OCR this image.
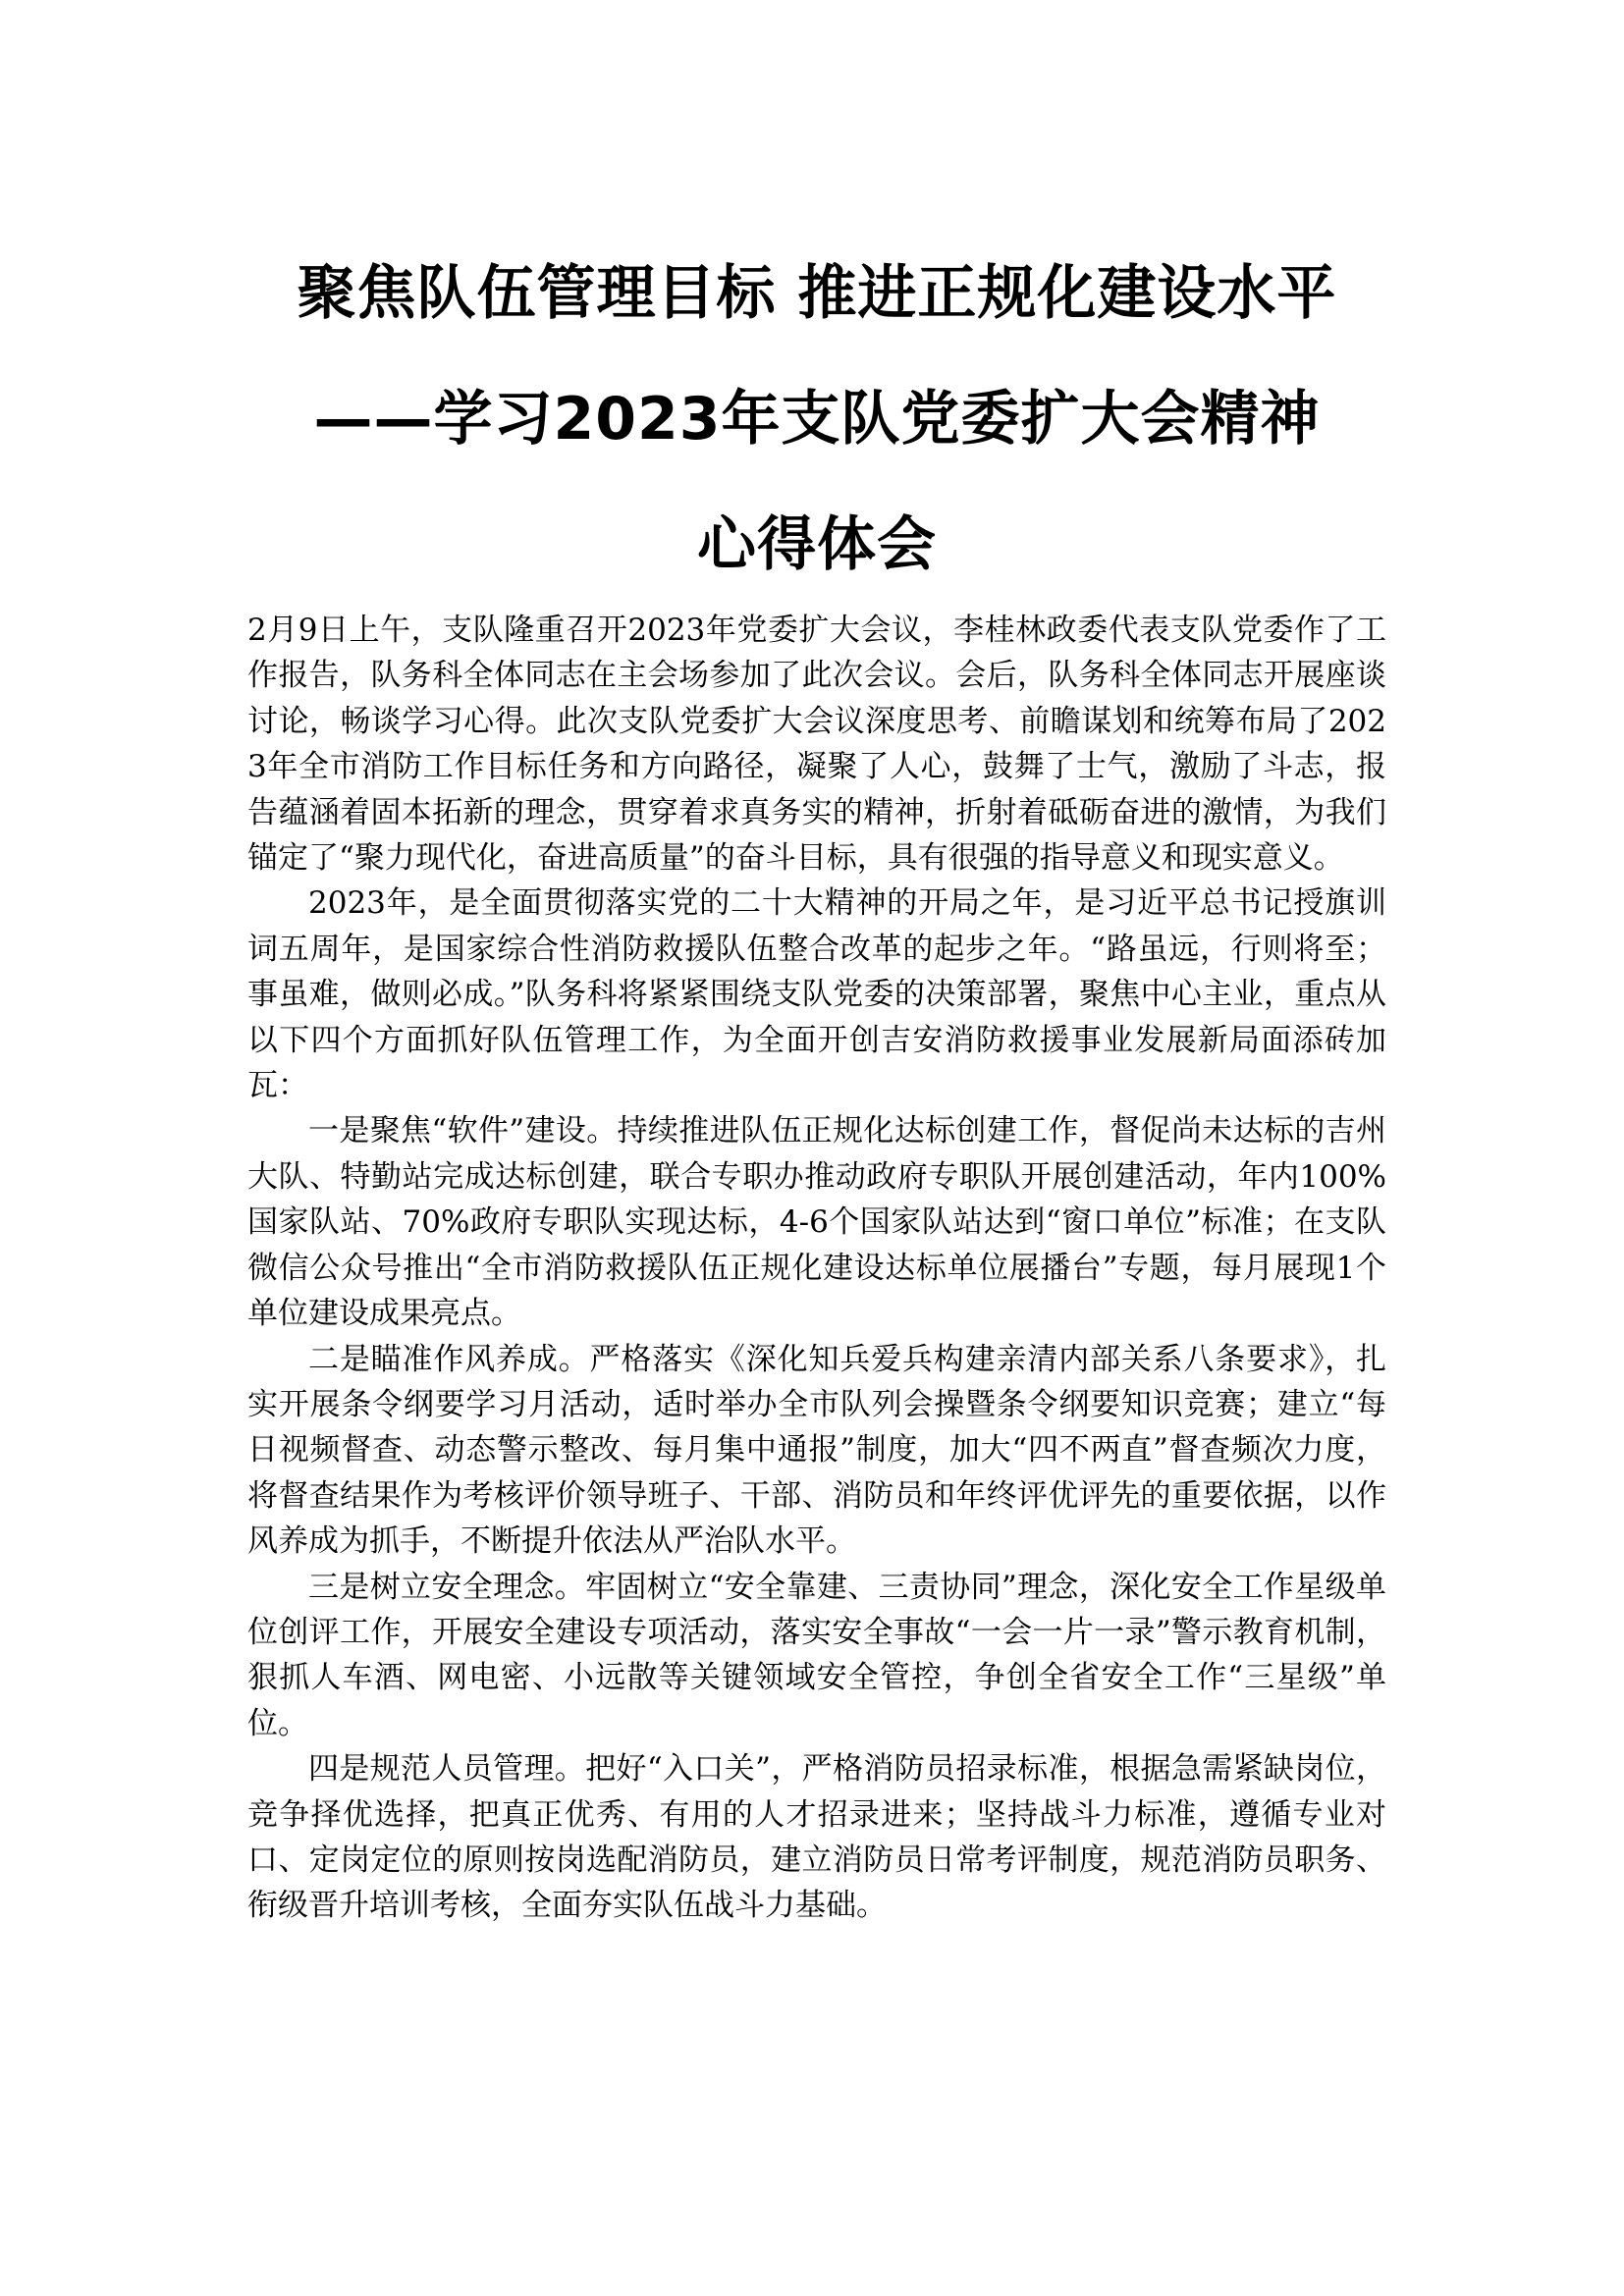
聚焦队伍管理目标 推进正规化建设水平
——学习2023年支队党委扩大会精神
心得体会

2月9日上午，支队隆重召开2023年党委扩大会议，李桂林政委代表支队党委作了工作报告，队务科全体同志在主会场参加了此次会议。会后，队务科全体同志开展座谈讨论，畅谈学习心得。此次支队党委扩大会议深度思考、前瞻谋划和统筹布局了2023年全市消防工作目标任务和方向路径，凝聚了人心，鼓舞了士气，激励了斗志，报告蕴涵着固本拓新的理念，贯穿着求真务实的精神，折射着砥砺奋进的激情，为我们锚定了“聚力现代化，奋进高质量”的奋斗目标，具有很强的指导意义和现实意义。

2023年，是全面贯彻落实党的二十大精神的开局之年，是习近平总书记授旗训词五周年，是国家综合性消防救援队伍整合改革的起步之年。“路虽远，行则将至；事虽难，做则必成。”队务科将紧紧围绕支队党委的决策部署，聚焦中心主业，重点从以下四个方面抓好队伍管理工作，为全面开创吉安消防救援事业发展新局面添砖加瓦：

一是聚焦“软件”建设。持续推进队伍正规化达标创建工作，督促尚未达标的吉州大队、特勤站完成达标创建，联合专职办推动政府专职队开展创建活动，年内100%国家队站、70%政府专职队实现达标，4-6个国家队站达到“窗口单位”标准；在支队微信公众号推出“全市消防救援队伍正规化建设达标单位展播台”专题，每月展现1个单位建设成果亮点。

二是瞄准作风养成。严格落实《深化知兵爱兵构建亲清内部关系八条要求》，扎实开展条令纲要学习月活动，适时举办全市队列会操暨条令纲要知识竞赛；建立“每日视频督查、动态警示整改、每月集中通报”制度，加大“四不两直”督查频次力度，将督查结果作为考核评价领导班子、干部、消防员和年终评优评先的重要依据，以作风养成为抓手，不断提升依法从严治队水平。

三是树立安全理念。牢固树立“安全靠建、三责协同”理念，深化安全工作星级单位创评工作，开展安全建设专项活动，落实安全事故“一会一片一录”警示教育机制，狠抓人车酒、网电密、小远散等关键领域安全管控，争创全省安全工作“三星级”单位。

四是规范人员管理。把好“入口关”，严格消防员招录标准，根据急需紧缺岗位，竞争择优选择，把真正优秀、有用的人才招录进来；坚持战斗力标准，遵循专业对口、定岗定位的原则按岗选配消防员，建立消防员日常考评制度，规范消防员职务、衔级晋升培训考核，全面夯实队伍战斗力基础。
